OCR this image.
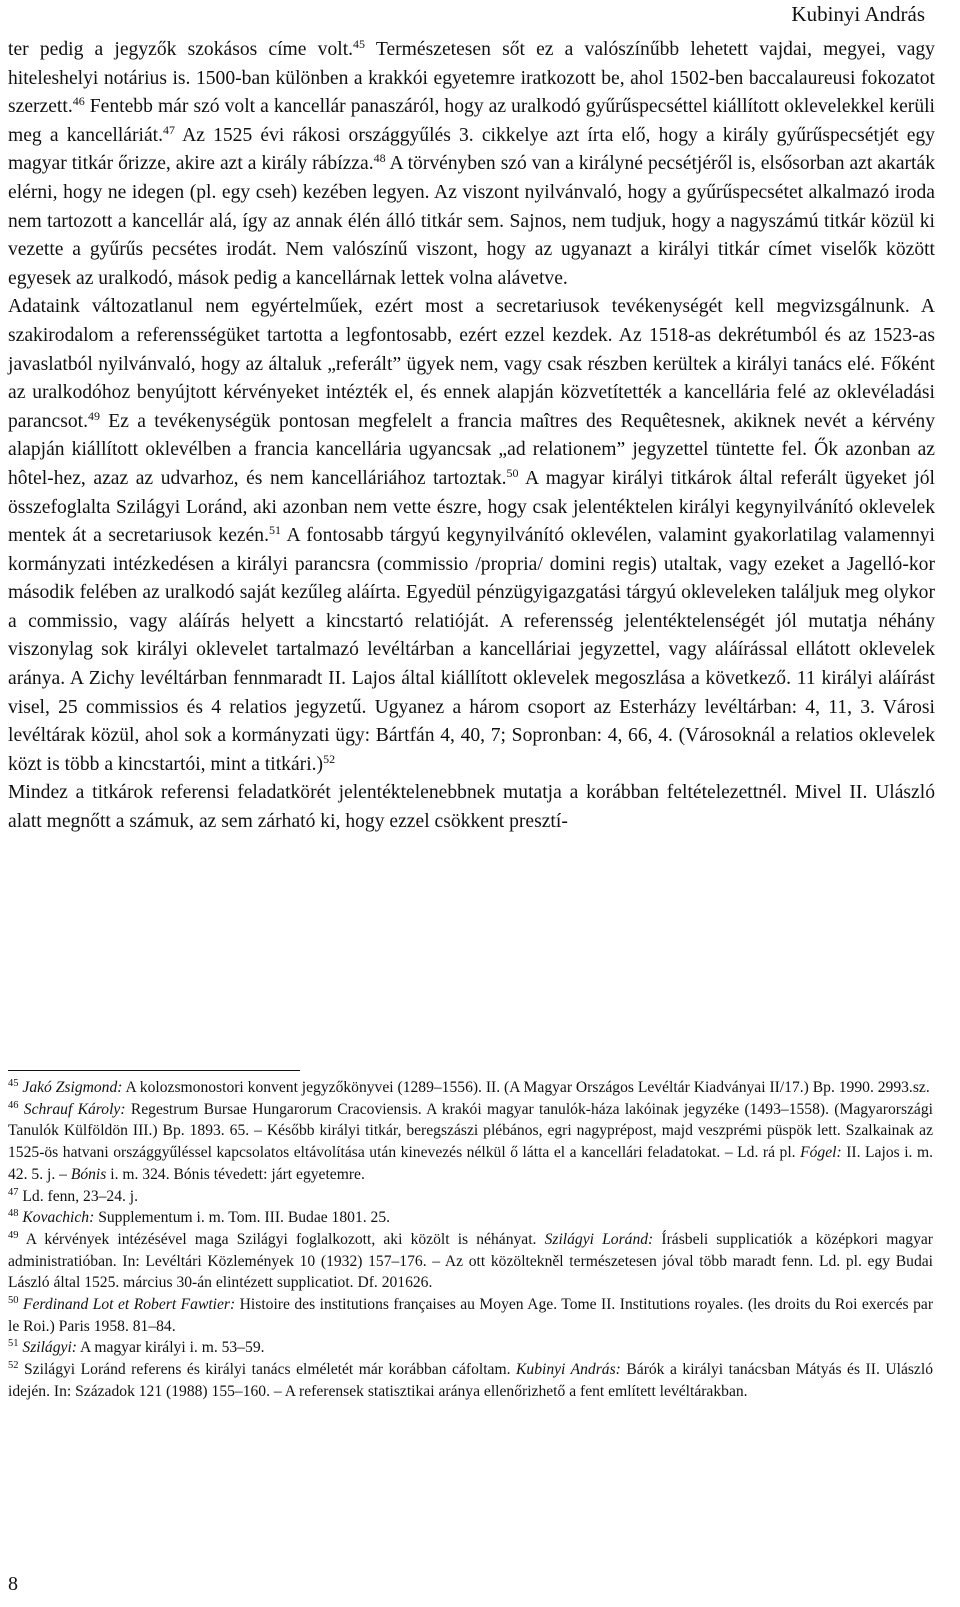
Kubinyi András

ter pedig a jegyzők szokásos címe volt.$^{45}$ Természetesen sőt ez a valószínűbb lehetett vajdai, megyei, vagy hiteleshelyi notárius is. 1500-ban különben a krakkói egyetemre iratkozott be, ahol 1502-ben baccalaureusi fokozatot szerzett.$^{46}$ Fentebb már szó volt a kancellár panaszáról, hogy az uralkodó gyűrűspecséttel kiállított oklevelekkel kerüli meg a kancelláriát.$^{47}$ Az 1525 évi rákosi országgyűlés 3. cikkelye azt írta elő, hogy a király gyűrűspecsétjét egy magyar titkár őrizze, akire azt a király rábízza.$^{48}$ A törvényben szó van a királyné pecsétjéről is, elsősorban azt akarták elérni, hogy ne idegen (pl. egy cseh) kezében legyen. Az viszont nyilvánvaló, hogy a gyűrűspecsétet alkalmazó iroda nem tartozott a kancellár alá, így az annak élén álló titkár sem. Sajnos, nem tudjuk, hogy a nagyszámú titkár közül ki vezette a gyűrűs pecsétes irodát. Nem valószínű viszont, hogy az ugyanazt a királyi titkár címet viselők között egyesek az uralkodó, mások pedig a kancellárnak lettek volna alávetve.

Adataink változatlanul nem egyértelműek, ezért most a secretariusok tevékenységét kell megvizsgálnunk. A szakirodalom a referensségüket tartotta a legfontosabb, ezért ezzel kezdek. Az 1518-as dekrétumból és az 1523-as javaslatból nyilvánvaló, hogy az általuk „referált” ügyek nem, vagy csak részben kerültek a királyi tanács elé. Főként az uralkodóhoz benyújtott kérvényeket intézték el, és ennek alapján közvetítették a kancellária felé az oklevéladási parancsot.$^{49}$ Ez a tevékenységük pontosan megfelelt a francia maîtres des Requêtesnek, akiknek nevét a kérvény alapján kiállított oklevélben a francia kancellária ugyancsak „ad relationem” jegyzettel tüntette fel. Ők azonban az hôtel-hez, azaz az udvarhoz, és nem kancelláriához tartoztak.$^{50}$ A magyar királyi titkárok által referált ügyeket jól összefoglalta Szilágyi Loránd, aki azonban nem vette észre, hogy csak jelentéktelen királyi kegynyilvánító oklevelek mentek át a secretariusok kezén.$^{51}$ A fontosabb tárgyú kegynyilvánító oklevélen, valamint gyakorlatilag valamennyi kormányzati intézkedésen a királyi parancsra (commissio /propria/ domini regis) utaltak, vagy ezeket a Jagelló-kor második felében az uralkodó saját kezűleg aláírta. Egyedül pénzügyigazgatási tárgyú okleveleken találjuk meg olykor a commissio, vagy aláírás helyett a kincstartó relatióját. A referensség jelentéktelenségét jól mutatja néhány viszonylag sok királyi oklevelet tartalmazó levéltárban a kancelláriai jegyzettel, vagy aláírással ellátott oklevelek aránya. A Zichy levéltárban fennmaradt II. Lajos által kiállított oklevelek megoszlása a következő. 11 királyi aláírást visel, 25 commissios és 4 relatios jegyzetű. Ugyanez a három csoport az Esterházy levéltárban: 4, 11, 3. Városi levéltárak közül, ahol sok a kormányzati ügy: Bártfán 4, 40, 7; Sopronban: 4, 66, 4. (Városoknál a relatios oklevelek közt is több a kincstartói, mint a titkári.)$^{52}$

Mindez a titkárok referensi feladatkörét jelentéktelenebbnek mutatja a korábban feltételezettnél. Mivel II. Ulászló alatt megnőtt a számuk, az sem zárható ki, hogy ezzel csökkent presztí-

$^{45}$ Jakó Zsigmond: A kolozsmonostori konvent jegyzőkönyvei (1289–1556). II. (A Magyar Országos Levéltár Kiadványai II/17.) Bp. 1990. 2993.sz.

$^{46}$ Schrauf Károly: Regestrum Bursae Hungarorum Cracoviensis. A krakói magyar tanulók-háza lakóinak jegyzéke (1493–1558). (Magyarországi Tanulók Külföldön III.) Bp. 1893. 65. – Később királyi titkár, beregszászi plébános, egri nagyprépost, majd veszprémi püspök lett. Szalkainak az 1525-ös hatvani országgyűléssel kapcsolatos eltávolítása után kinevezés nélkül ő látta el a kancellári feladatokat. – Ld. rá pl. Fógel: II. Lajos i. m. 42. 5. j. – Bónis i. m. 324. Bónis tévedett: járt egyetemre.

$^{47}$ Ld. fenn, 23–24. j.

$^{48}$ Kovachich: Supplementum i. m. Tom. III. Budae 1801. 25.

$^{49}$ A kérvények intézésével maga Szilágyi foglalkozott, aki közölt is néhányat. Szilágyi Loránd: Írásbeli supplicatiók a középkori magyar administratióban. In: Levéltári Közlemények 10 (1932) 157–176. – Az ott közöltekněl természetesen jóval több maradt fenn. Ld. pl. egy Budai László által 1525. március 30-án elintézett supplicatiot. Df. 201626.

$^{50}$ Ferdinand Lot et Robert Fawtier: Histoire des institutions françaises au Moyen Age. Tome II. Institutions royales. (les droits du Roi exercés par le Roi.) Paris 1958. 81–84.

$^{51}$ Szilágyi: A magyar királyi i. m. 53–59.

$^{52}$ Szilágyi Loránd referens és királyi tanács elméletét már korábban cáfoltam. Kubinyi András: Bárók a királyi tanácsban Mátyás és II. Ulászló idején. In: Századok 121 (1988) 155–160. – A referensek statisztikai aránya ellenőrizhető a fent említett levéltárakban.

8
